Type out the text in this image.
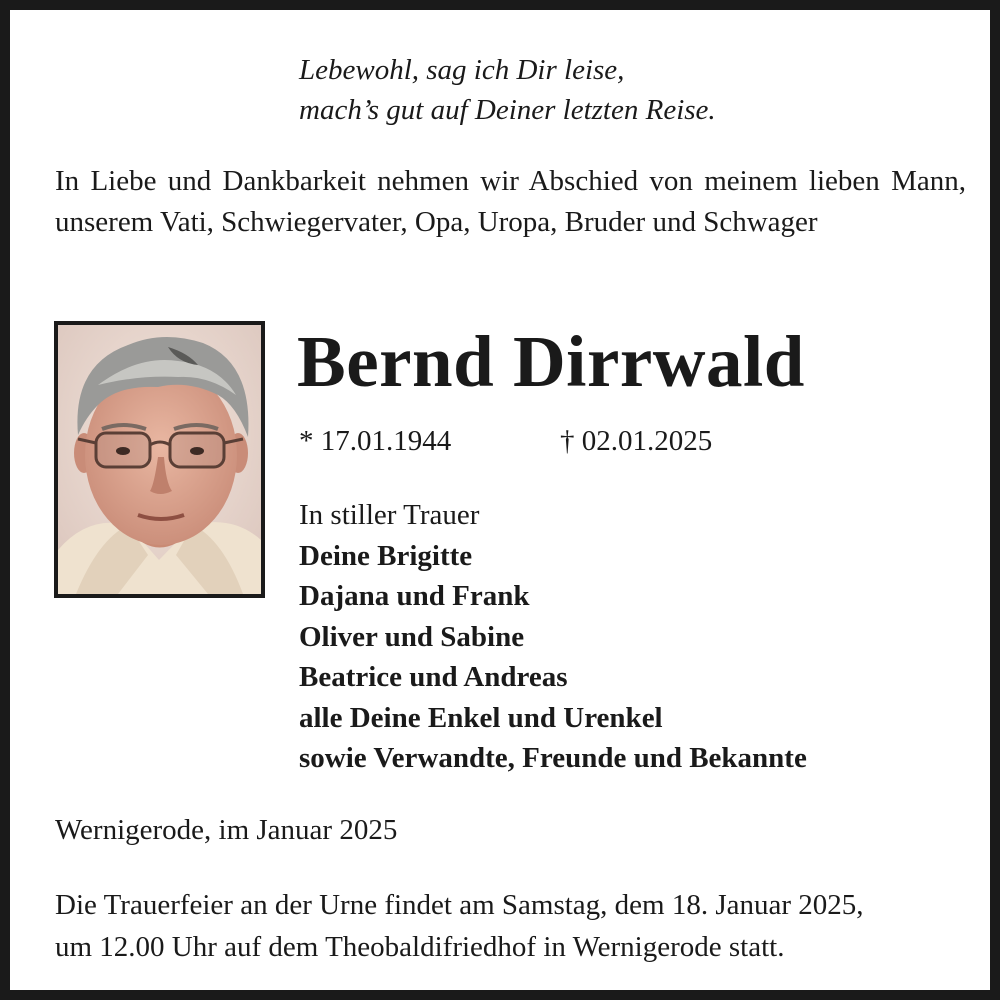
Lebewohl, sag ich Dir leise,
mach’s gut auf Deiner letzten Reise.
In Liebe und Dankbarkeit nehmen wir Abschied von meinem lieben Mann, unserem Vati, Schwiegervater, Opa, Uropa, Bruder und Schwager
Bernd Dirrwald
* 17.01.1944	† 02.01.2025
In stiller Trauer
Deine Brigitte
Dajana und Frank
Oliver und Sabine
Beatrice und Andreas
alle Deine Enkel und Urenkel
sowie Verwandte, Freunde und Bekannte
Wernigerode, im Januar 2025
Die Trauerfeier an der Urne findet am Samstag, dem 18. Januar 2025,
um 12.00 Uhr auf dem Theobaldifriedhof in Wernigerode statt.
